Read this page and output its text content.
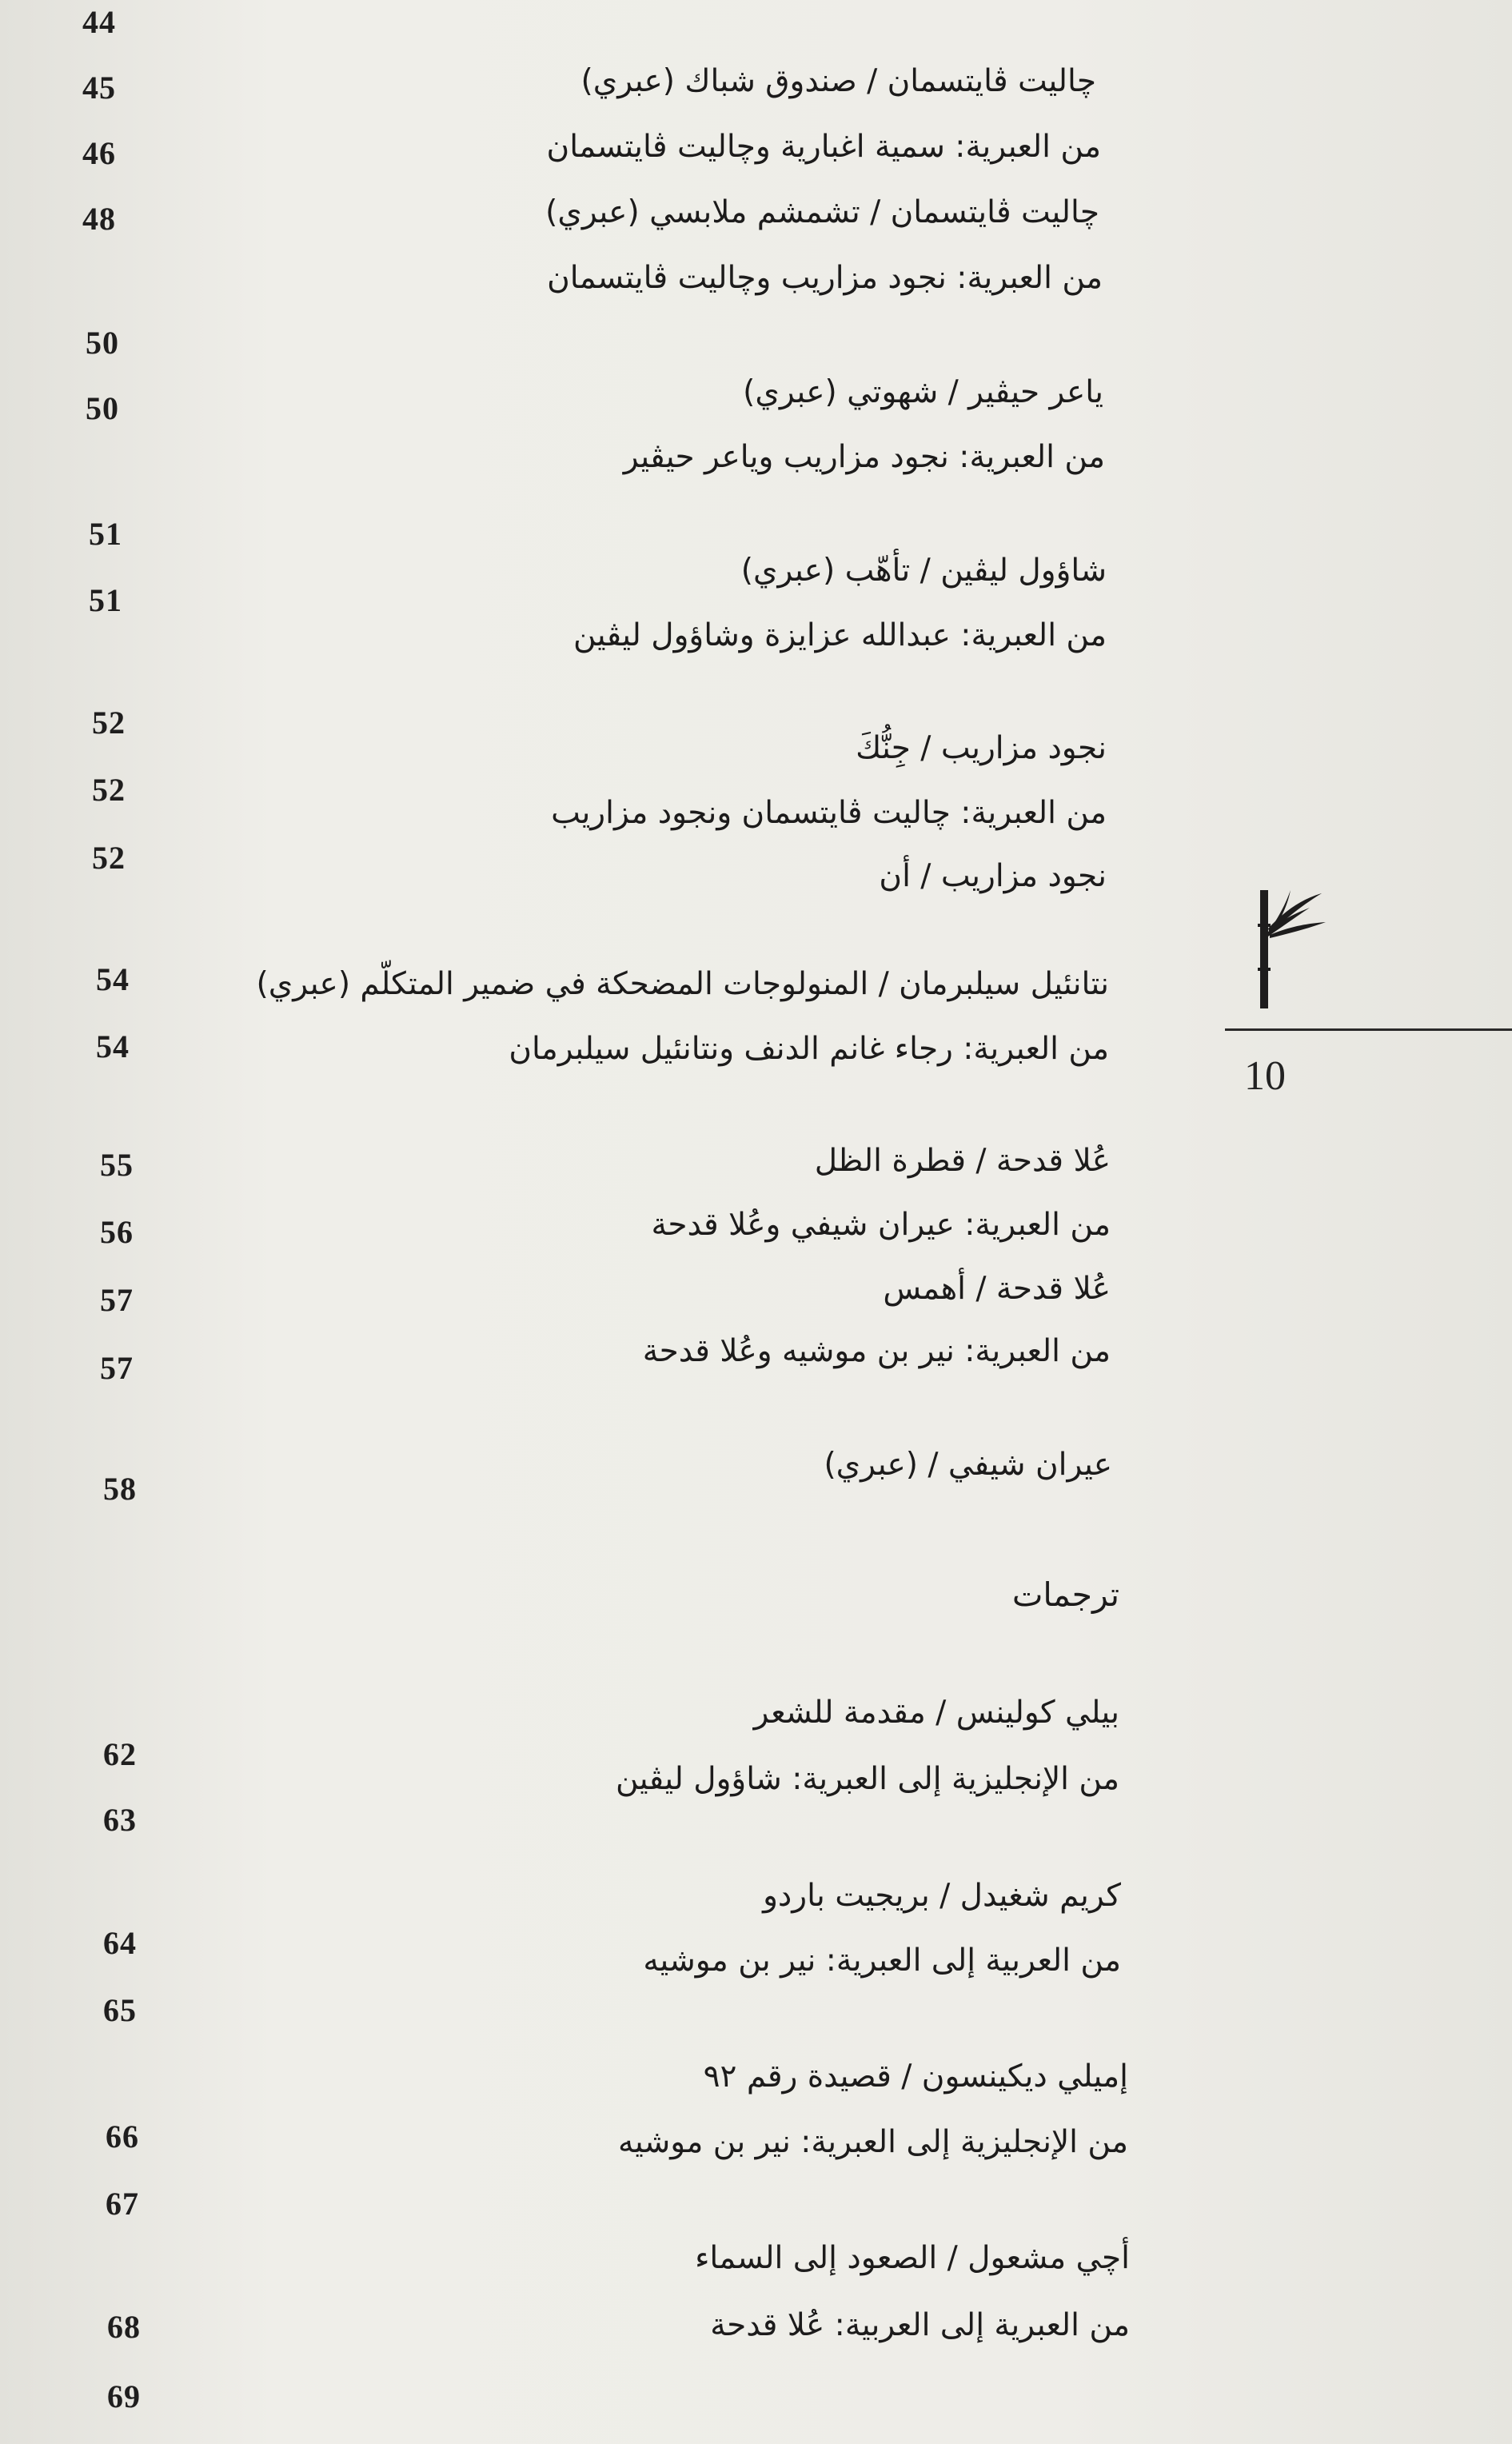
44
45
46
48
50
50
51
51
52
52
52
54
54
55
56
57
57
58
62
63
64
65
66
67
68
69
چاليت ڤايتسمان / صندوق شباك (عبري)
من العبرية: سمية اغبارية وچاليت ڤايتسمان
چاليت ڤايتسمان / تشمشم ملابسي (عبري)
من العبرية: نجود مزاريب وچاليت ڤايتسمان
ياعر حيڤير / شهوتي (عبري)
من العبرية: نجود مزاريب وياعر حيڤير
شاؤول ليڤين / تأهّب (عبري)
من العبرية: عبدالله عزايزة وشاؤول ليڤين
نجود مزاريب / جِنُّكَ
من العبرية: چاليت ڤايتسمان ونجود مزاريب
نجود مزاريب / أن
نتانئيل سيلبرمان / المنولوجات المضحكة في ضمير المتكلّم (عبري)
من العبرية: رجاء غانم الدنف ونتانئيل سيلبرمان
عُلا قدحة / قطرة الظل
من العبرية: عيران شيفي وعُلا قدحة
عُلا قدحة / أهمس
من العبرية: نير بن موشيه وعُلا قدحة
عيران شيفي / (عبري)
ترجمات
بيلي كولينس / مقدمة للشعر
من الإنجليزية إلى العبرية: شاؤول ليڤين
كريم شغيدل / بريجيت باردو
من العربية إلى العبرية: نير بن موشيه
إميلي ديكينسون / قصيدة رقم ٩٢
من الإنجليزية إلى العبرية: نير بن موشيه
أچي مشعول / الصعود إلى السماء
من العبرية إلى العربية: عُلا قدحة
10
